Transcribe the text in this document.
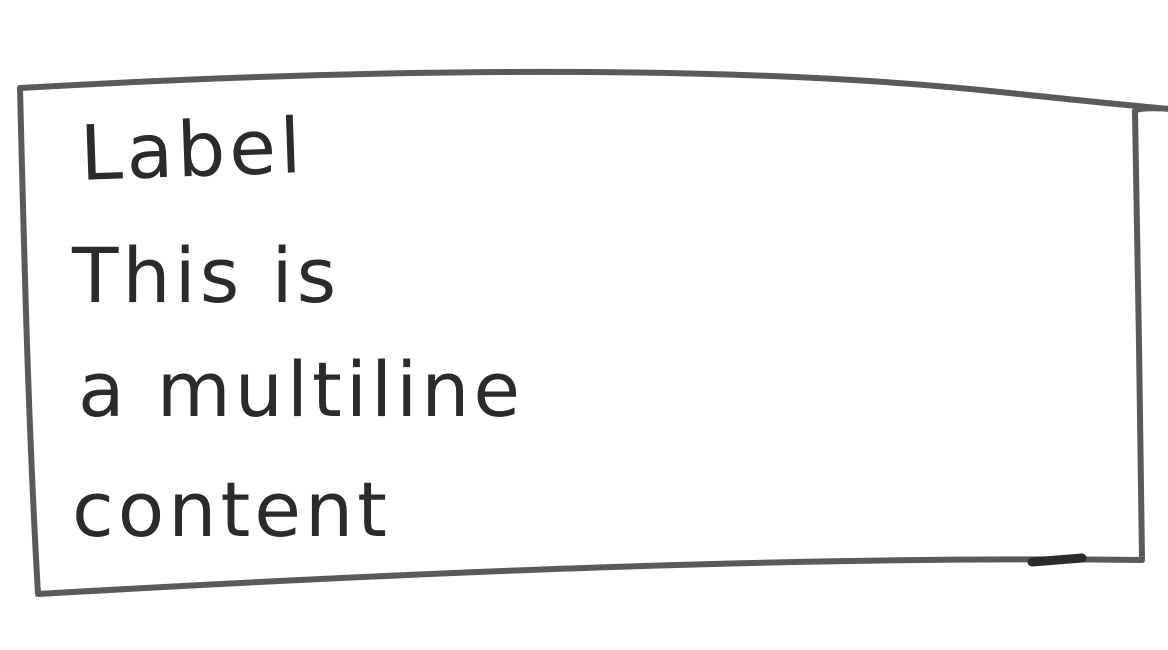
Label
This is
a multiline
content
